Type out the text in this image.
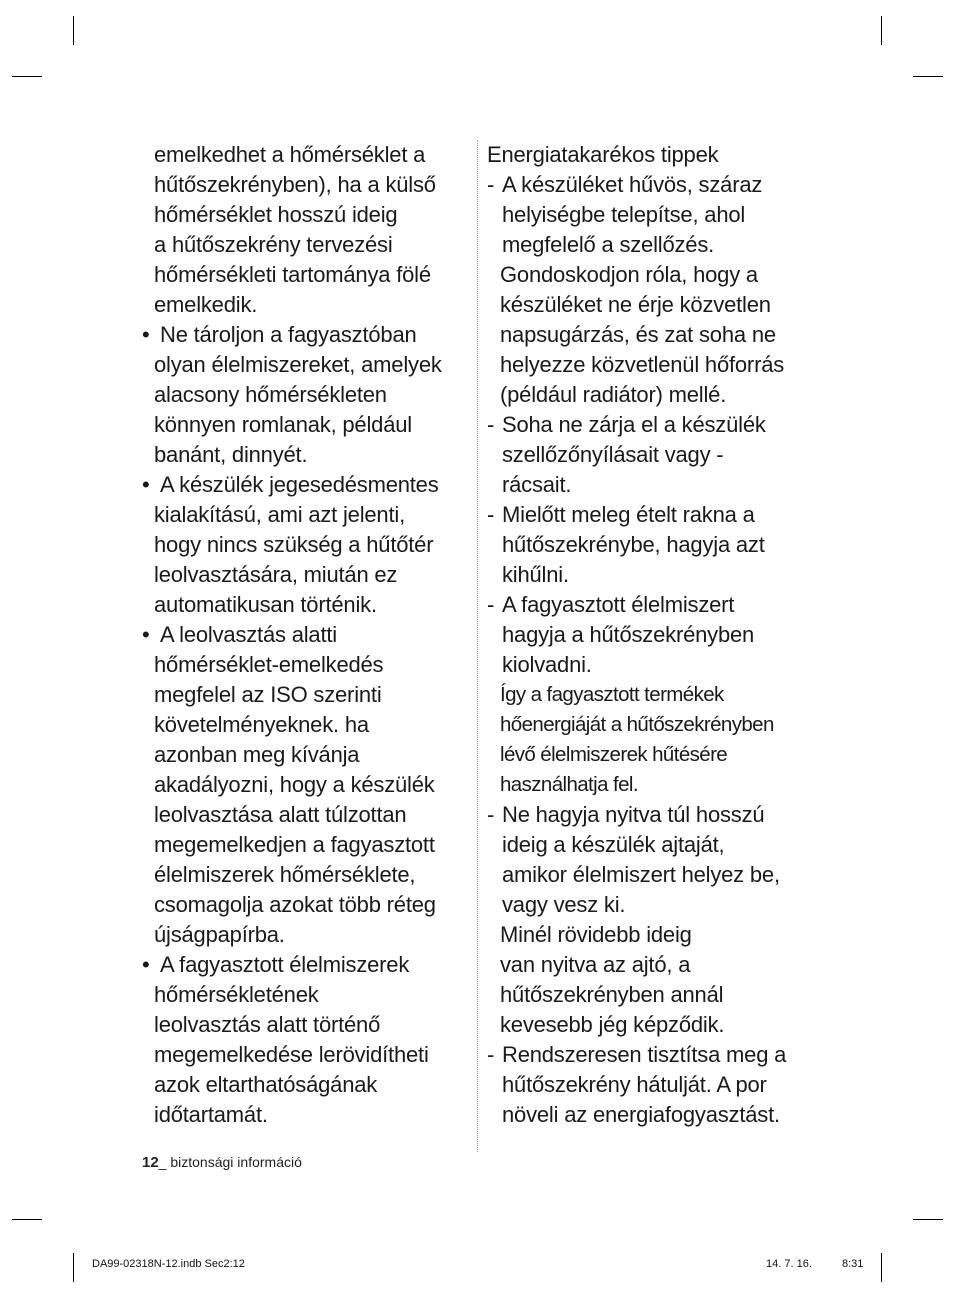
emelkedhet a hőmérséklet a
hűtőszekrényben), ha a külső
hőmérséklet hosszú ideig
a hűtőszekrény tervezési
hőmérsékleti tartománya fölé
emelkedik.
• Ne tároljon a fagyasztóban
olyan élelmiszereket, amelyek
alacsony hőmérsékleten
könnyen romlanak, például
banánt, dinnyét.
• A készülék jegesedésmentes
kialakítású, ami azt jelenti,
hogy nincs szükség a hűtőtér
leolvasztására, miután ez
automatikusan történik.
• A leolvasztás alatti
hőmérséklet-emelkedés
megfelel az ISO szerinti
követelményeknek. ha
azonban meg kívánja
akadályozni, hogy a készülék
leolvasztása alatt túlzottan
megemelkedjen a fagyasztott
élelmiszerek hőmérséklete,
csomagolja azokat több réteg
újságpapírba.
• A fagyasztott élelmiszerek
hőmérsékletének
leolvasztás alatt történő
megemelkedése lerövidítheti
azok eltarthatóságának
időtartamát.
Energiatakarékos tippek
- A készüléket hűvös, száraz
helyiségbe telepítse, ahol
megfelelő a szellőzés.
Gondoskodjon róla, hogy a
készüléket ne érje közvetlen
napsugárzás, és zat soha ne
helyezze közvetlenül hőforrás
(például radiátor) mellé.
- Soha ne zárja el a készülék
szellőzőnyílásait vagy -
rácsait.
- Mielőtt meleg ételt rakna a
hűtőszekrénybe, hagyja azt
kihűlni.
- A fagyasztott élelmiszert
hagyja a hűtőszekrényben
kiolvadni.
Így a fagyasztott termékek
hőenergiáját a hűtőszekrényben
lévő élelmiszerek hűtésére
használhatja fel.
- Ne hagyja nyitva túl hosszú
ideig a készülék ajtaját,
amikor élelmiszert helyez be,
vagy vesz ki.
Minél rövidebb ideig
van nyitva az ajtó, a
hűtőszekrényben annál
kevesebb jég képződik.
- Rendszeresen tisztítsa meg a
hűtőszekrény hátulját. A por
növeli az energiafogyasztást.
12_ biztonsági információ
DA99-02318N-12.indb Sec2:12	14. 7. 16.	8:31
